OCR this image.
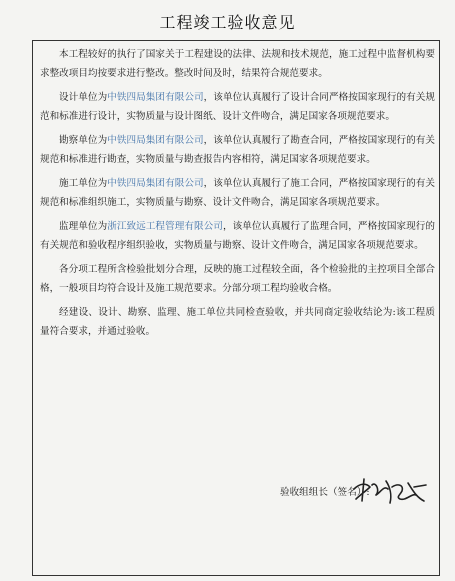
工程竣工验收意见

本工程较好的执行了国家关于工程建设的法律、法规和技术规范，施工过程中监督机构要求整改项目均按要求进行整改。整改时间及时，结果符合规范要求。

设计单位为中铁四局集团有限公司，该单位认真履行了设计合同严格按国家现行的有关规范和标准进行设计，实物质量与设计图纸、设计文件吻合，满足国家各项规范要求。

勘察单位为中铁四局集团有限公司，该单位认真履行了勘查合同，严格按国家现行的有关规范和标准进行勘查，实物质量与勘查报告内容相符，满足国家各项规范要求。

施工单位为中铁四局集团有限公司，该单位认真履行了施工合同，严格按国家现行的有关规范和标准组织施工，实物质量与勘察、设计文件吻合，满足国家各项规范要求。

监理单位为浙江致远工程管理有限公司，该单位认真履行了监理合同，严格按国家现行的有关规范和验收程序组织验收，实物质量与勘察、设计文件吻合，满足国家各项规范要求。

各分项工程所含检验批划分合理，反映的施工过程较全面，各个检验批的主控项目全部合格，一般项目均符合设计及施工规范要求。分部分项工程均验收合格。

经建设、设计、勘察、监理、施工单位共同检查验收，并共同商定验收结论为:该工程质量符合要求，并通过验收。

验收组组长（签名）:
